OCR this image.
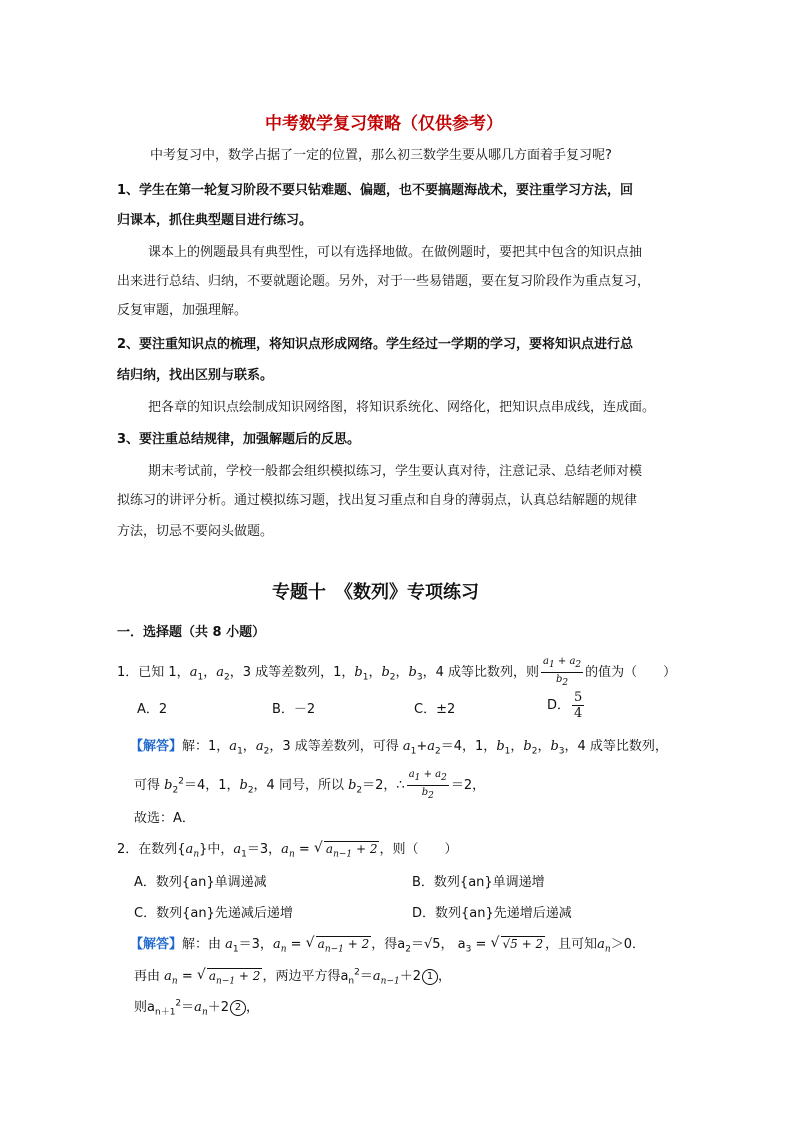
中考数学复习策略（仅供参考）
中考复习中，数学占据了一定的位置，那么初三数学生要从哪几方面着手复习呢?
1、学生在第一轮复习阶段不要只钻难题、偏题，也不要搞题海战术，要注重学习方法，回
归课本，抓住典型题目进行练习。
课本上的例题最具有典型性，可以有选择地做。在做例题时，要把其中包含的知识点抽
出来进行总结、归纳，不要就题论题。另外，对于一些易错题，要在复习阶段作为重点复习，
反复审题，加强理解。
2、要注重知识点的梳理，将知识点形成网络。学生经过一学期的学习，要将知识点进行总
结归纳，找出区别与联系。
把各章的知识点绘制成知识网络图，将知识系统化、网络化，把知识点串成线，连成面。
3、要注重总结规律，加强解题后的反思。
期末考试前，学校一般都会组织模拟练习，学生要认真对待，注意记录、总结老师对模
拟练习的讲评分析。通过模拟练习题，找出复习重点和自身的薄弱点，认真总结解题的规律
方法，切忌不要闷头做题。
专题十　《数列》专项练习
一．选择题（共 8 小题）
1．已知 1，$a_1$，$a_2$，3 成等差数列，1，$b_1$，$b_2$，$b_3$，4 成等比数列，则 $\frac{a_1 + a_2}{b_2}$ 的值为（　　）
A．2	B．－2	C．±2	D． $\frac{5}{4}$
【解答】解：1，$a_1$，$a_2$，3 成等差数列，可得 $a_1+a_2=4$，1，$b_1$，$b_2$，$b_3$，4 成等比数列，
可得 $b_2^2=4$，1，$b_2$，4 同号，所以 $b_2=2$，∴ $\frac{a_1 + a_2}{b_2} =2$，
故选：A．
2．在数列$\{a_n\}$中，$a_1=3$，$a_n$ = √ $a_{n-1} + 2$ ，则（　　）
A．数列{an}单调递减	B．数列{an}单调递增
C．数列{an}先递减后递增	D．数列{an}先递增后递减
【解答】解：由 $a_1=3$，$a_n$ = √ $a_{n-1} + 2$ ，得$a_2=√5$， $a_3$ = √ √5 + 2 ，且可知$a_n>0$．
再由 $a_n$ = √ $a_{n-1} + 2$ ，两边平方得$a_n^2=a_{n-1}+2$ 1 ，
则$a_{n+1}^2=a_n+2$ 2 ，
